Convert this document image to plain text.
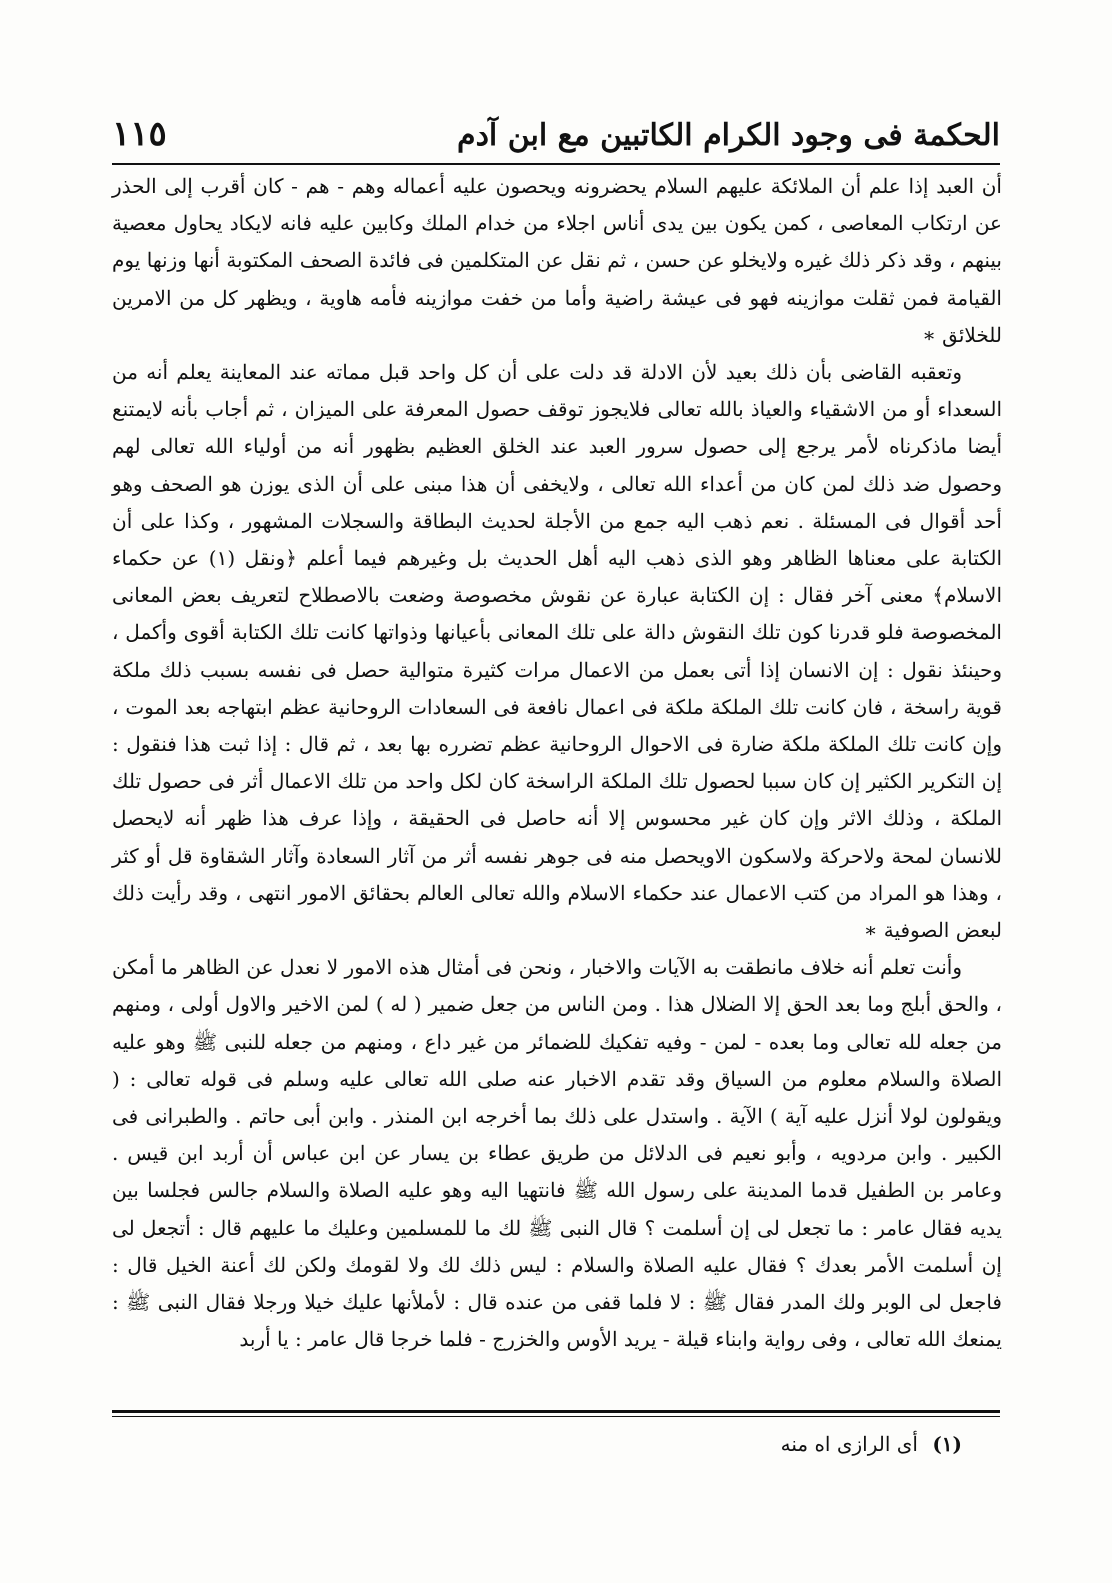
الحكمة فى وجود الكرام الكاتبين مع ابن آدم
١١٥

أن العبد إذا علم أن الملائكة عليهم السلام يحضرونه ويحصون عليه أعماله وهم - هم - كان أقرب إلى الحذر عن ارتكاب المعاصى ، كمن يكون بين يدى أناس اجلاء من خدام الملك وكابين عليه فانه لايكاد يحاول معصية بينهم ، وقد ذكر ذلك غيره ولايخلو عن حسن ، ثم نقل عن المتكلمين فى فائدة الصحف المكتوبة أنها وزنها يوم القيامة فمن ثقلت موازينه فهو فى عيشة راضية وأما من خفت موازينه فأمه هاوية ، ويظهر كل من الامرين للخلائق ∗

وتعقبه القاضى بأن ذلك بعيد لأن الادلة قد دلت على أن كل واحد قبل مماته عند المعاينة يعلم أنه من السعداء أو من الاشقياء والعياذ بالله تعالى فلايجوز توقف حصول المعرفة على الميزان ، ثم أجاب بأنه لايمتنع أيضا ماذكرناه لأمر يرجع إلى حصول سرور العبد عند الخلق العظيم بظهور أنه من أولياء الله تعالى لهم وحصول ضد ذلك لمن كان من أعداء الله تعالى ، ولايخفى أن هذا مبنى على أن الذى يوزن هو الصحف وهو أحد أقوال فى المسئلة . نعم ذهب اليه جمع من الأجلة لحديث البطاقة والسجلات المشهور ، وكذا على أن الكتابة على معناها الظاهر وهو الذى ذهب اليه أهل الحديث بل وغيرهم فيما أعلم ﴿ونقل (١) عن حكماء الاسلام﴾ معنى آخر فقال : إن الكتابة عبارة عن نقوش مخصوصة وضعت بالاصطلاح لتعريف بعض المعانى المخصوصة فلو قدرنا كون تلك النقوش دالة على تلك المعانى بأعيانها وذواتها كانت تلك الكتابة أقوى وأكمل ، وحينئذ نقول : إن الانسان إذا أتى بعمل من الاعمال مرات كثيرة متوالية حصل فى نفسه بسبب ذلك ملكة قوية راسخة ، فان كانت تلك الملكة ملكة فى اعمال نافعة فى السعادات الروحانية عظم ابتهاجه بعد الموت ، وإن كانت تلك الملكة ملكة ضارة فى الاحوال الروحانية عظم تضرره بها بعد ، ثم قال : إذا ثبت هذا فنقول : إن التكرير الكثير إن كان سببا لحصول تلك الملكة الراسخة كان لكل واحد من تلك الاعمال أثر فى حصول تلك الملكة ، وذلك الاثر وإن كان غير محسوس إلا أنه حاصل فى الحقيقة ، وإذا عرف هذا ظهر أنه لايحصل للانسان لمحة ولاحركة ولاسكون الاويحصل منه فى جوهر نفسه أثر من آثار السعادة وآثار الشقاوة قل أو كثر ، وهذا هو المراد من كتب الاعمال عند حكماء الاسلام والله تعالى العالم بحقائق الامور انتهى ، وقد رأيت ذلك لبعض الصوفية ∗

وأنت تعلم أنه خلاف مانطقت به الآيات والاخبار ، ونحن فى أمثال هذه الامور لا نعدل عن الظاهر ما أمكن ، والحق أبلج وما بعد الحق إلا الضلال هذا . ومن الناس من جعل ضمير ( له ) لمن الاخير والاول أولى ، ومنهم من جعله لله تعالى وما بعده - لمن - وفيه تفكيك للضمائر من غير داع ، ومنهم من جعله للنبى ﷺ وهو عليه الصلاة والسلام معلوم من السياق وقد تقدم الاخبار عنه صلى الله تعالى عليه وسلم فى قوله تعالى : ( ويقولون لولا أنزل عليه آية ) الآية . واستدل على ذلك بما أخرجه ابن المنذر . وابن أبى حاتم . والطبرانى فى الكبير . وابن مردويه ، وأبو نعيم فى الدلائل من طريق عطاء بن يسار عن ابن عباس أن أربد ابن قيس . وعامر بن الطفيل قدما المدينة على رسول الله ﷺ فانتهيا اليه وهو عليه الصلاة والسلام جالس فجلسا بين يديه فقال عامر : ما تجعل لى إن أسلمت ؟ قال النبى ﷺ لك ما للمسلمين وعليك ما عليهم قال : أتجعل لى إن أسلمت الأمر بعدك ؟ فقال عليه الصلاة والسلام : ليس ذلك لك ولا لقومك ولكن لك أعنة الخيل قال : فاجعل لى الوبر ولك المدر فقال ﷺ : لا فلما قفى من عنده قال : لأملأنها عليك خيلا ورجلا فقال النبى ﷺ : يمنعك الله تعالى ، وفى رواية وابناء قيلة - يريد الأوس والخزرج - فلما خرجا قال عامر : يا أربد

(١) أى الرازى اه منه
